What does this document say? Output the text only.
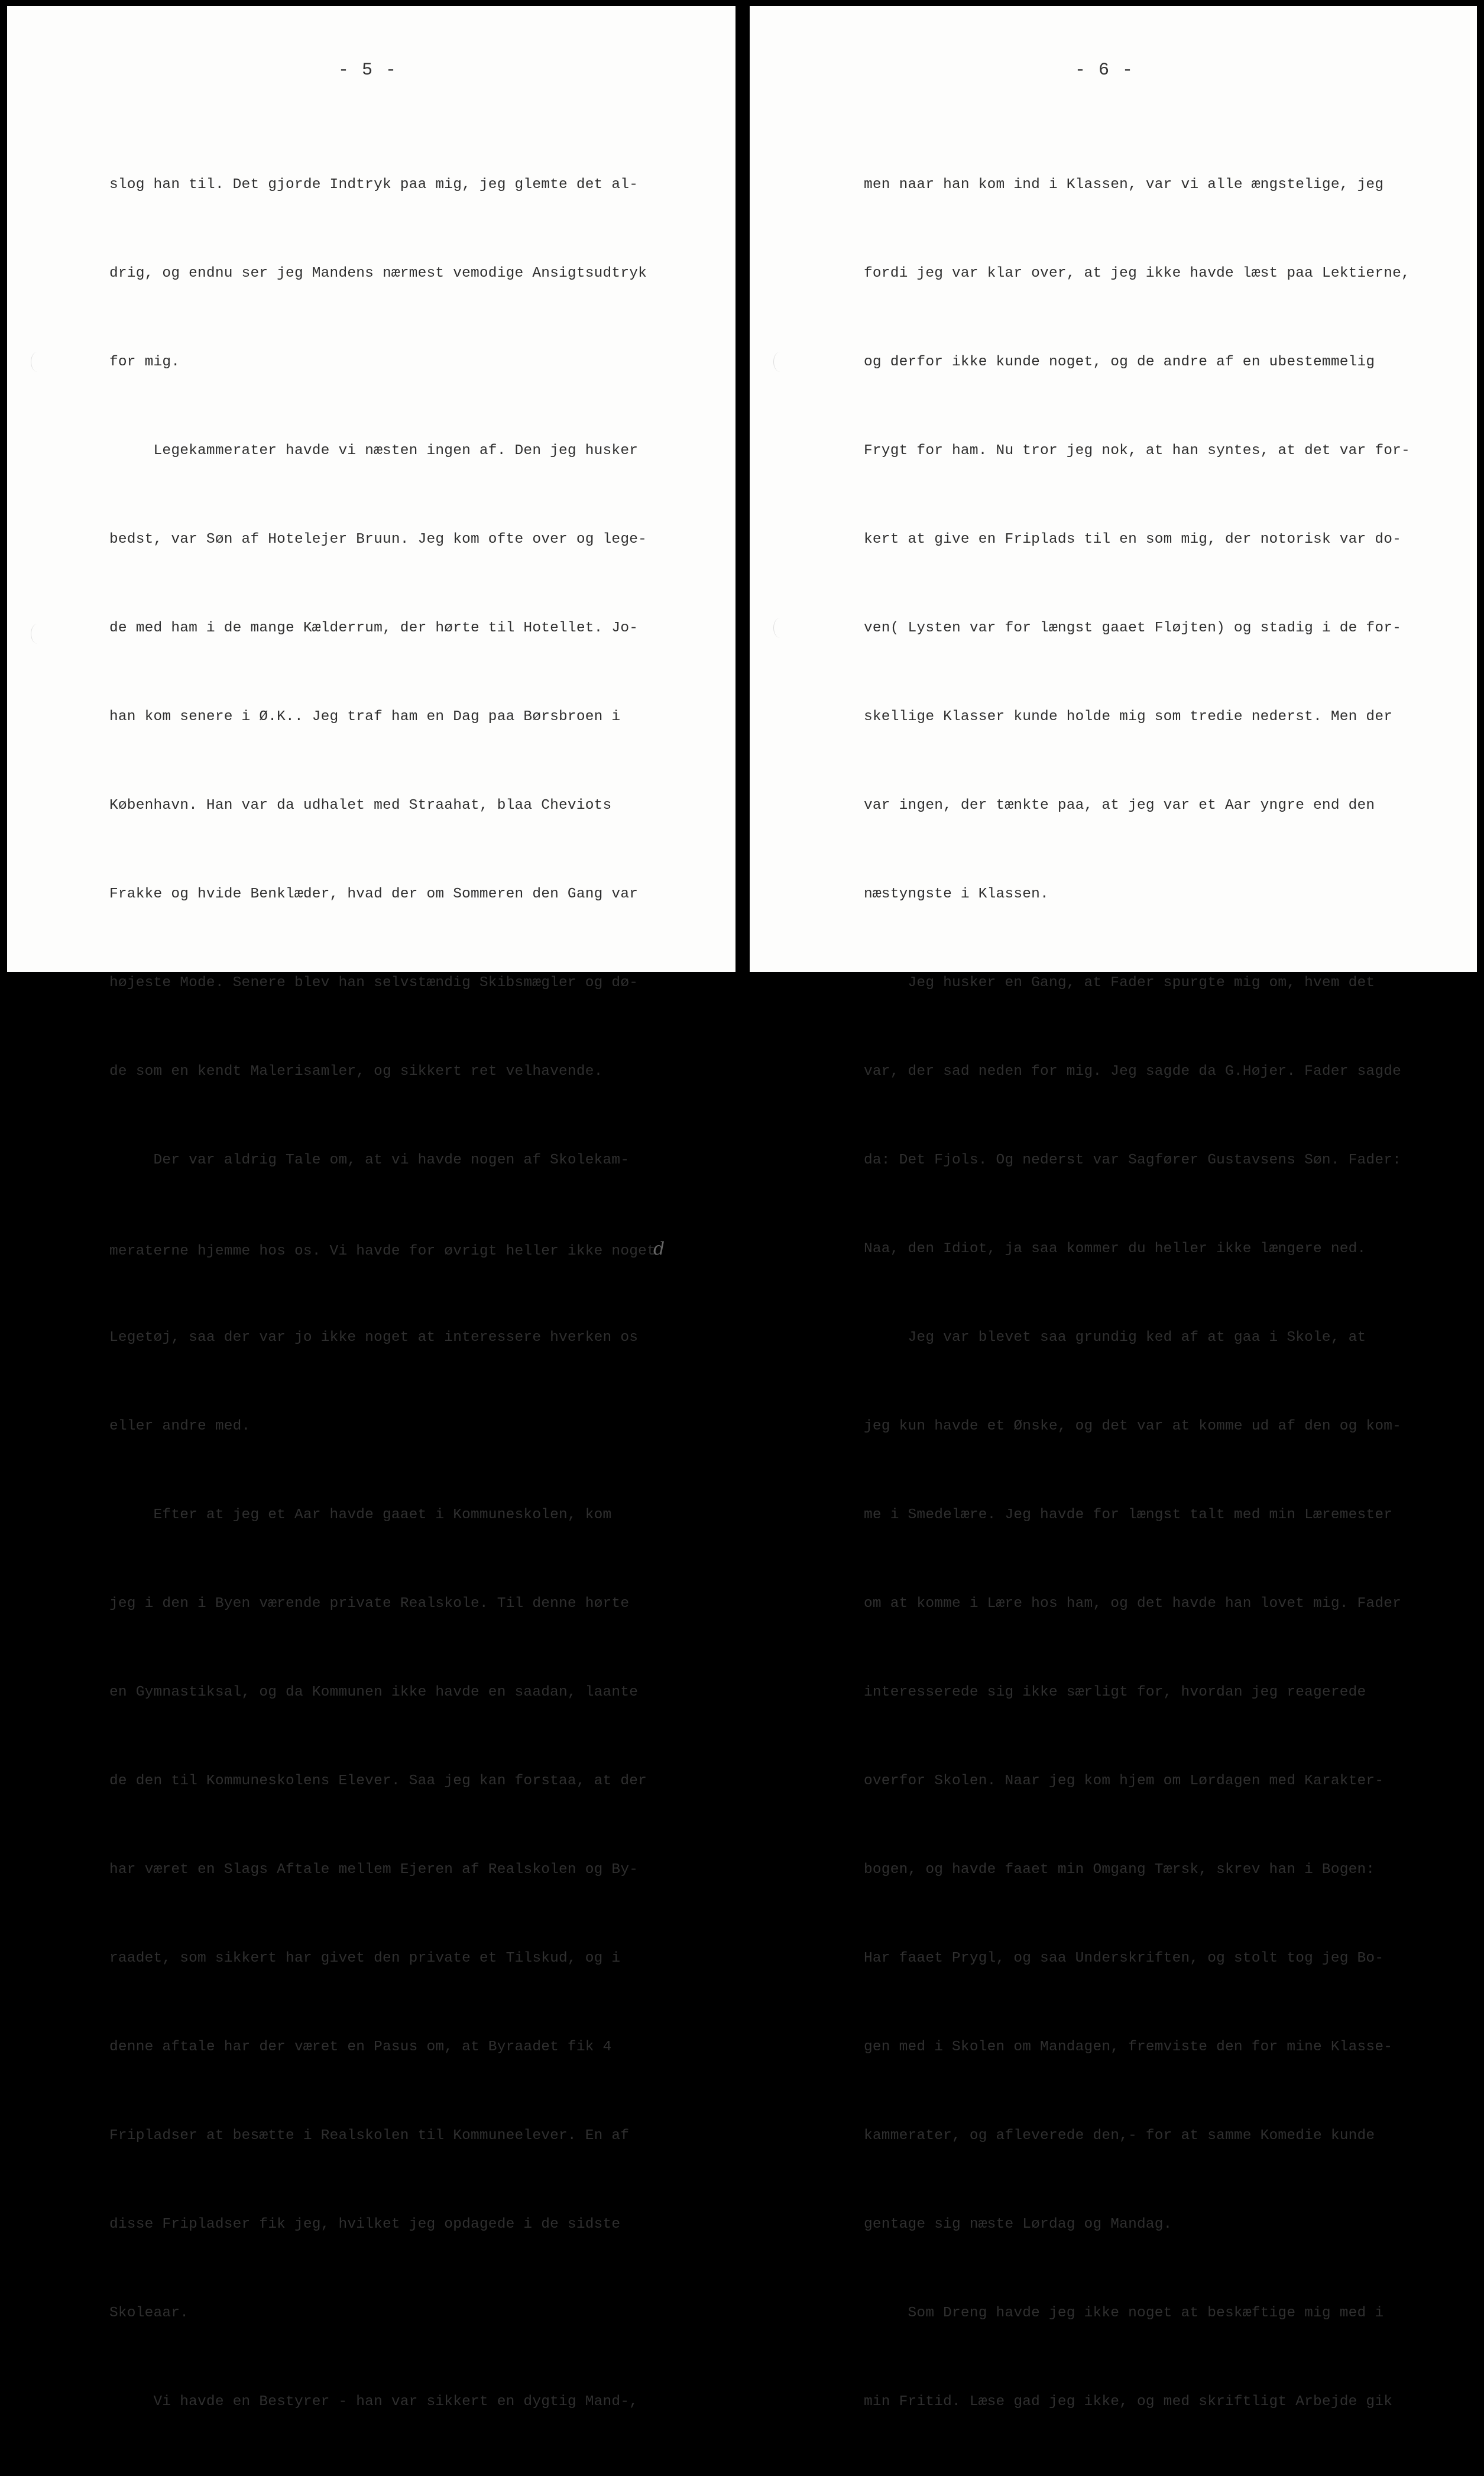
- 5 -

slog han til. Det gjorde Indtryk paa mig, jeg glemte det al-

drig, og endnu ser jeg Mandens nærmest vemodige Ansigtsudtryk

for mig.

Legekammerater havde vi næsten ingen af. Den jeg husker

bedst, var Søn af Hotelejer Bruun. Jeg kom ofte over og lege-

de med ham i de mange Kælderrum, der hørte til Hotellet. Jo-

han kom senere i Ø.K.. Jeg traf ham en Dag paa Børsbroen i

København. Han var da udhalet med Straahat, blaa Cheviots

Frakke og hvide Benklæder, hvad der om Sommeren den Gang var

højeste Mode. Senere blev han selvstændig Skibsmægler og dø-

de som en kendt Malerisamler, og sikkert ret velhavende.

Der var aldrig Tale om, at vi havde nogen af Skolekam-

meraterne hjemme hos os. Vi havde for øvrigt heller ikke nogetd

Legetøj, saa der var jo ikke noget at interessere hverken os

eller andre med.

Efter at jeg et Aar havde gaaet i Kommuneskolen, kom

jeg i den i Byen værende private Realskole. Til denne hørte

en Gymnastiksal, og da Kommunen ikke havde en saadan, laante

de den til Kommuneskolens Elever. Saa jeg kan forstaa, at der

har været en Slags Aftale mellem Ejeren af Realskolen og By-

raadet, som sikkert har givet den private et Tilskud, og i

denne aftale har der været en Pasus om, at Byraadet fik 4

Fripladser at besætte i Realskolen til Kommuneelever. En af

disse Fripladser fik jeg, hvilket jeg opdagede i de sidste

Skoleaar.

Vi havde en Bestyrer - han var sikkert en dygtig Mand-,

- 6 -

men naar han kom ind i Klassen, var vi alle ængstelige, jeg

fordi jeg var klar over, at jeg ikke havde læst paa Lektierne,

og derfor ikke kunde noget, og de andre af en ubestemmelig

Frygt for ham. Nu tror jeg nok, at han syntes, at det var for-

kert at give en Friplads til en som mig, der notorisk var do-

ven( Lysten var for længst gaaet Fløjten) og stadig i de for-

skellige Klasser kunde holde mig som tredie nederst. Men der

var ingen, der tænkte paa, at jeg var et Aar yngre end den

næstyngste i Klassen.

Jeg husker en Gang, at Fader spurgte mig om, hvem det

var, der sad neden for mig. Jeg sagde da G.Højer. Fader sagde

da: Det Fjols. Og nederst var Sagfører Gustavsens Søn. Fader:

Naa, den Idiot, ja saa kommer du heller ikke længere ned.

Jeg var blevet saa grundig ked af at gaa i Skole, at

jeg kun havde et Ønske, og det var at komme ud af den og kom-

me i Smedelære. Jeg havde for længst talt med min Læremester

om at komme i Lære hos ham, og det havde han lovet mig. Fader

interesserede sig ikke særligt for, hvordan jeg reagerede

overfor Skolen. Naar jeg kom hjem om Lørdagen med Karakter-

bogen, og havde faaet min Omgang Tærsk, skrev han i Bogen:

Har faaet Prygl, og saa Underskriften, og stolt tog jeg Bo-

gen med i Skolen om Mandagen, fremviste den for mine Klasse-

kammerater, og afleverede den,- for at samme Komedie kunde

gentage sig næste Lørdag og Mandag.

Som Dreng havde jeg ikke noget at beskæftige mig med i

min Fritid. Læse gad jeg ikke, og med skriftligt Arbejde gik
